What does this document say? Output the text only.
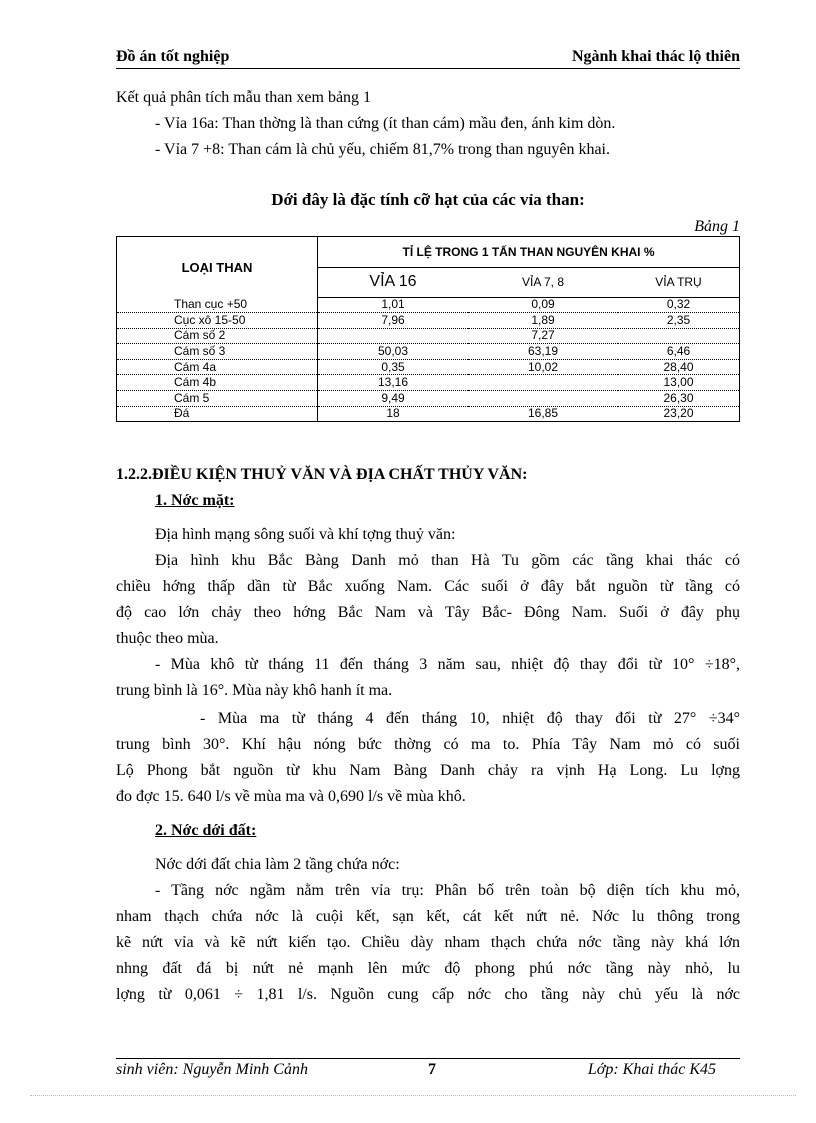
Đồ án tốt nghiệp	Ngành khai thác lộ thiên
Kết quả phân tích mẫu than xem bảng 1
- Vỉa 16a: Than thờng là than cứng (ít than cám) mầu đen, ánh kim dòn.
- Vỉa 7 +8: Than cám là chủ yếu, chiếm 81,7% trong than nguyên khai.
Dới đây là đặc tính cỡ hạt của các vỉa than:
Bảng 1
LOẠI THAN	TỈ LỆ TRONG 1 TẤN THAN NGUYÊN KHAI %		
	VỈA 16	VỈA 7, 8	VỈA TRỤ
Than cục +50	1,01	0,09	0,32
Cục xô 15-50	7,96	1,89	2,35
Cám số 2		7,27	
Cám số 3	50,03	63,19	6,46
Cám 4a	0,35	10,02	28,40
Cám 4b	13,16		13,00
Cám 5	9,49		26,30
Đá	18	16,85	23,20
1.2.2.ĐIỀU KIỆN THUỶ VĂN VÀ ĐỊA CHẤT THỦY VĂN:
1. Nớc mặt:
Địa hình mạng sông suối và khí tợng thuỷ văn:
Địa hình khu Bắc Bàng Danh mỏ than Hà Tu gồm các tầng khai thác có
chiều hớng thấp dần từ Bắc xuống Nam. Các suối ở đây bắt nguồn từ tầng có
độ cao lớn chảy theo hớng Bắc Nam và Tây Bắc- Đông Nam. Suối ở đây phụ
thuộc theo mùa.
- Mùa khô từ tháng 11 đến tháng 3 năm sau, nhiệt độ thay đổi từ 10° ÷18°,
trung bình là 16°. Mùa này khô hanh ít ma.
- Mùa ma từ tháng 4 đến tháng 10, nhiệt độ thay đổi từ 27° ÷34°
trung bình 30°. Khí hậu nóng bức thờng có ma to. Phía Tây Nam mỏ có suối
Lộ Phong bắt nguồn từ khu Nam Bàng Danh chảy ra vịnh Hạ Long. Lu lợng
đo đợc 15. 640 l/s về mùa ma và 0,690 l/s về mùa khô.
2. Nớc dới đất:
Nớc dới đất chia làm 2 tầng chứa nớc:
- Tầng nớc ngầm nằm trên vỉa trụ: Phân bố trên toàn bộ diện tích khu mỏ,
nham thạch chứa nớc là cuội kết, sạn kết, cát kết nứt nẻ. Nớc lu thông trong
kẽ nứt vỉa và kẽ nứt kiến tạo. Chiều dày nham thạch chứa nớc tầng này khá lớn
nhng đất đá bị nứt nẻ mạnh lên mức độ phong phú nớc tầng này nhỏ, lu
lợng từ 0,061 ÷ 1,81 l/s. Nguồn cung cấp nớc cho tầng này chủ yếu là nớc
sinh viên: Nguyễn Minh Cảnh	7	Lớp: Khai thác K45
